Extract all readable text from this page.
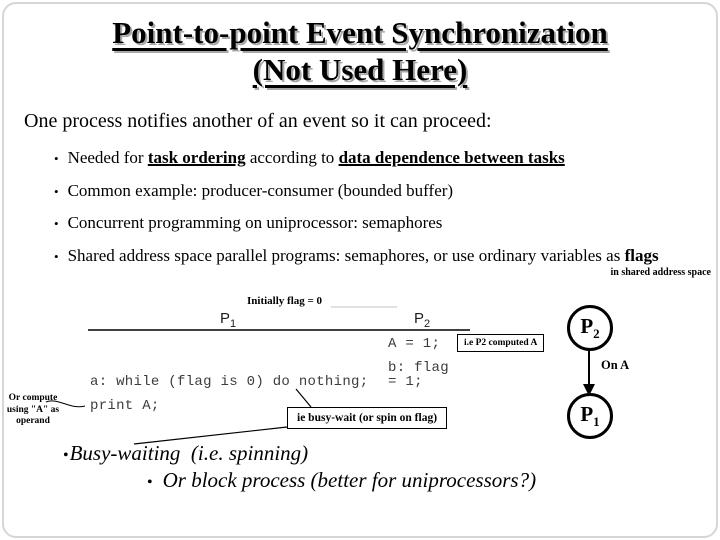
Point-to-point Event Synchronization
(Not Used Here)
One process notifies another of an event so it can proceed:
• Needed for task ordering according to data dependence between tasks
• Common example: producer-consumer (bounded buffer)
• Concurrent programming on uniprocessor: semaphores
• Shared address space parallel programs: semaphores, or use ordinary variables as flags
in shared address space
Initially flag = 0
$P_1$	$P_2$
A = 1;
b: flag
= 1;
a: while (flag is 0) do nothing;
print A;
i.e P2 computed A
ie busy-wait (or spin on flag)
Or compute
using "A" as
operand
$P_2$
On A
$P_1$
•Busy-waiting  (i.e. spinning)
• Or block process (better for uniprocessors?)
